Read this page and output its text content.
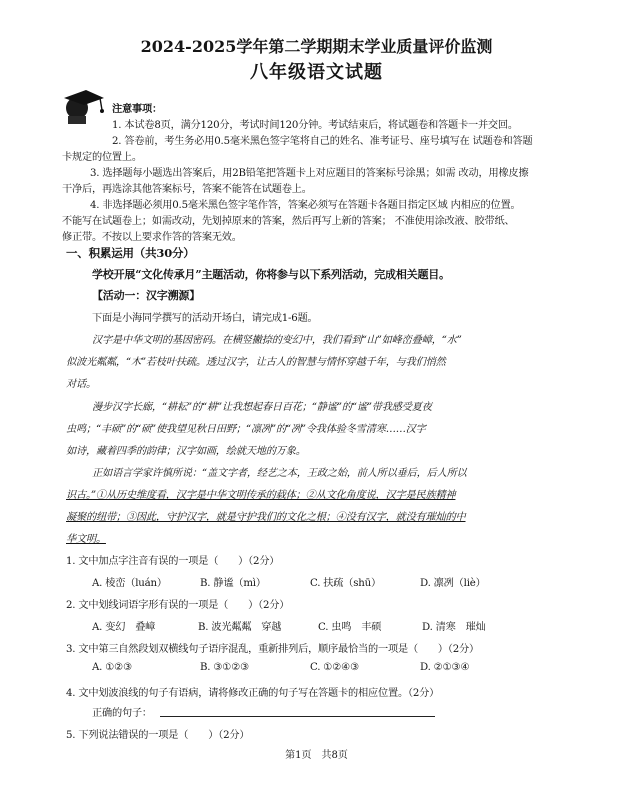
2024-2025学年第二学期期末学业质量评价监测
八年级语文试题
注意事项：
1. 本试卷8页，满分120分，考试时间120分钟。考试结束后，将试题卷和答题卡一并交回。
2. 答卷前，考生务必用0.5毫米黑色签字笔将自己的姓名、准考证号、座号填写在 试题卷和答题
卡规定的位置上。
3. 选择题每小题选出答案后，用2B铅笔把答题卡上对应题目的答案标号涂黑；如需 改动，用橡皮擦
干净后，再选涂其他答案标号，答案不能答在试题卷上。
4. 非选择题必须用0.5毫米黑色签字笔作答，答案必须写在答题卡各题目指定区域 内相应的位置。
不能写在试题卷上；如需改动，先划掉原来的答案，然后再写上新的答案； 不准使用涂改液、胶带纸、
修正带。不按以上要求作答的答案无效。
一、积累运用（共30分）
学校开展“文化传承月”主题活动，你将参与以下系列活动，完成相关题目。
【活动一：汉字溯源】
下面是小海同学撰写的活动开场白，请完成1-6题。
汉字是中华文明的基因密码。在横竖撇捺的变幻中，我们看到“山”如峰峦叠嶂，“水”
似波光粼粼，“木”若枝叶扶疏。透过汉字，让古人的智慧与情怀穿越千年，与我们悄然
对话。
漫步汉字长廊，“耕耘”的“耕”让我想起春日百花；“静谧”的“谧”带我感受夏夜
虫鸣；“丰硕”的“硕”使我望见秋日田野；“凛冽”的“冽”令我体验冬雪清寒……汉字
如诗，藏着四季的韵律；汉字如画，绘就天地的万象。
正如语言学家许慎所说：“盖文字者，经艺之本，王政之始，前人所以垂后，后人所以
识古。”①从历史维度看，汉字是中华文明传承的载体；②从文化角度说，汉字是民族精神
凝聚的纽带；③因此，守护汉字，就是守护我们的文化之根；④没有汉字，就没有璀灿的中
华文明。
1. 文中加点字注音有误的一项是（　　）（2分）
A. 棱峦（luán）	B. 静谧（mì）	C. 扶疏（shū）	D. 凛冽（liè）
2. 文中划线词语字形有误的一项是（　　）（2分）
A. 变幻　叠嶂	B. 波光粼粼　穿越	C. 虫鸣　丰硕	D. 清寒　璀灿
3. 文中第三自然段划双横线句子语序混乱，重新排列后，顺序最恰当的一项是（　　）（2分）
A. ①②③	B. ③①②③	C. ①②④③	D. ②①③④
4. 文中划波浪线的句子有语病，请将修改正确的句子写在答题卡的相应位置。（2分）
正确的句子：
5. 下列说法错误的一项是（　　）（2分）
第1页　共8页
